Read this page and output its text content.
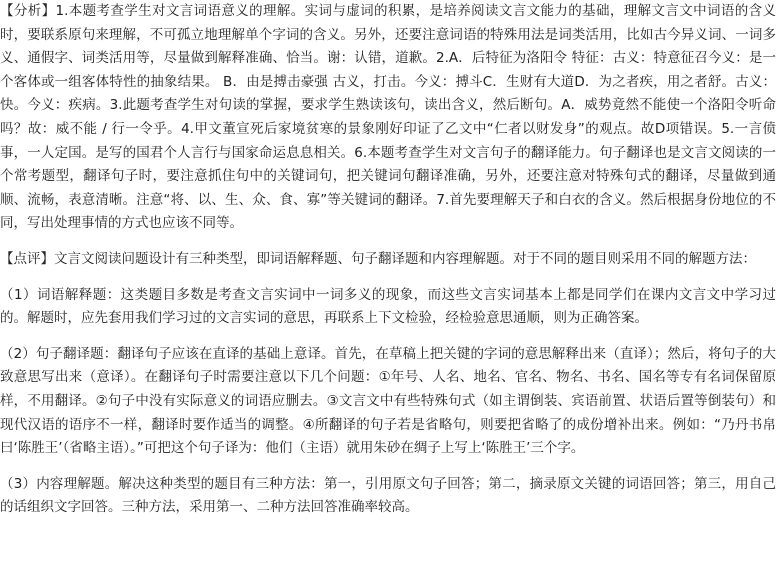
【分析】1.本题考查学生对文言词语意义的理解。实词与虚词的积累，是培养阅读文言文能力的基础，理解文言文中词语的含义时，要联系原句来理解，不可孤立地理解单个字词的含义。另外，还要注意词语的特殊用法是词类活用，比如古今异义词、一词多义、通假字、词类活用等，尽量做到解释准确、恰当。谢：认错，道歉。2.A．后特征为洛阳令 特征：古义：特意征召今义：是一个客体或一组客体特性的抽象结果。 B．由是搏击豪强 古义，打击。今义：搏斗C．生财有大道D．为之者疾，用之者舒。古义：快。今义：疾病。3.此题考查学生对句读的掌握，要求学生熟读该句，读出含义，然后断句。A．威势竟然不能使一个洛阳令听命吗？故：威不能 / 行一令乎。4.甲文董宣死后家境贫寒的景象刚好印证了乙文中“仁者以财发身”的观点。故D项错误。5.一言偾事，一人定国。是写的国君个人言行与国家命运息息相关。6.本题考查学生对文言句子的翻译能力。句子翻译也是文言文阅读的一个常考题型，翻译句子时，要注意抓住句中的关键词句，把关键词句翻译准确，另外，还要注意对特殊句式的翻译，尽量做到通顺、流畅，表意清晰。注意“将、以、生、众、食、寡”等关键词的翻译。7.首先要理解天子和白衣的含义。然后根据身份地位的不同，写出处理事情的方式也应该不同等。

【点评】文言文阅读问题设计有三种类型，即词语解释题、句子翻译题和内容理解题。对于不同的题目则采用不同的解题方法：

（1）词语解释题：这类题目多数是考查文言实词中一词多义的现象，而这些文言实词基本上都是同学们在课内文言文中学习过的。解题时，应先套用我们学习过的文言实词的意思，再联系上下文检验，经检验意思通顺，则为正确答案。

（2）句子翻译题：翻译句子应该在直译的基础上意译。首先，在草稿上把关键的字词的意思解释出来（直译）；然后，将句子的大致意思写出来（意译）。在翻译句子时需要注意以下几个问题：①年号、人名、地名、官名、物名、书名、国名等专有名词保留原样，不用翻译。②句子中没有实际意义的词语应删去。③文言文中有些特殊句式（如主谓倒装、宾语前置、状语后置等倒装句）和现代汉语的语序不一样，翻译时要作适当的调整。④所翻译的句子若是省略句，则要把省略了的成份增补出来。例如：“乃丹书帛曰‘陈胜王’（省略主语）。”可把这个句子译为：他们（主语）就用朱砂在绸子上写上‘陈胜王’三个字。

（3）内容理解题。解决这种类型的题目有三种方法：第一，引用原文句子回答；第二，摘录原文关键的词语回答；第三，用自己的话组织文字回答。三种方法，采用第一、二种方法回答准确率较高。
